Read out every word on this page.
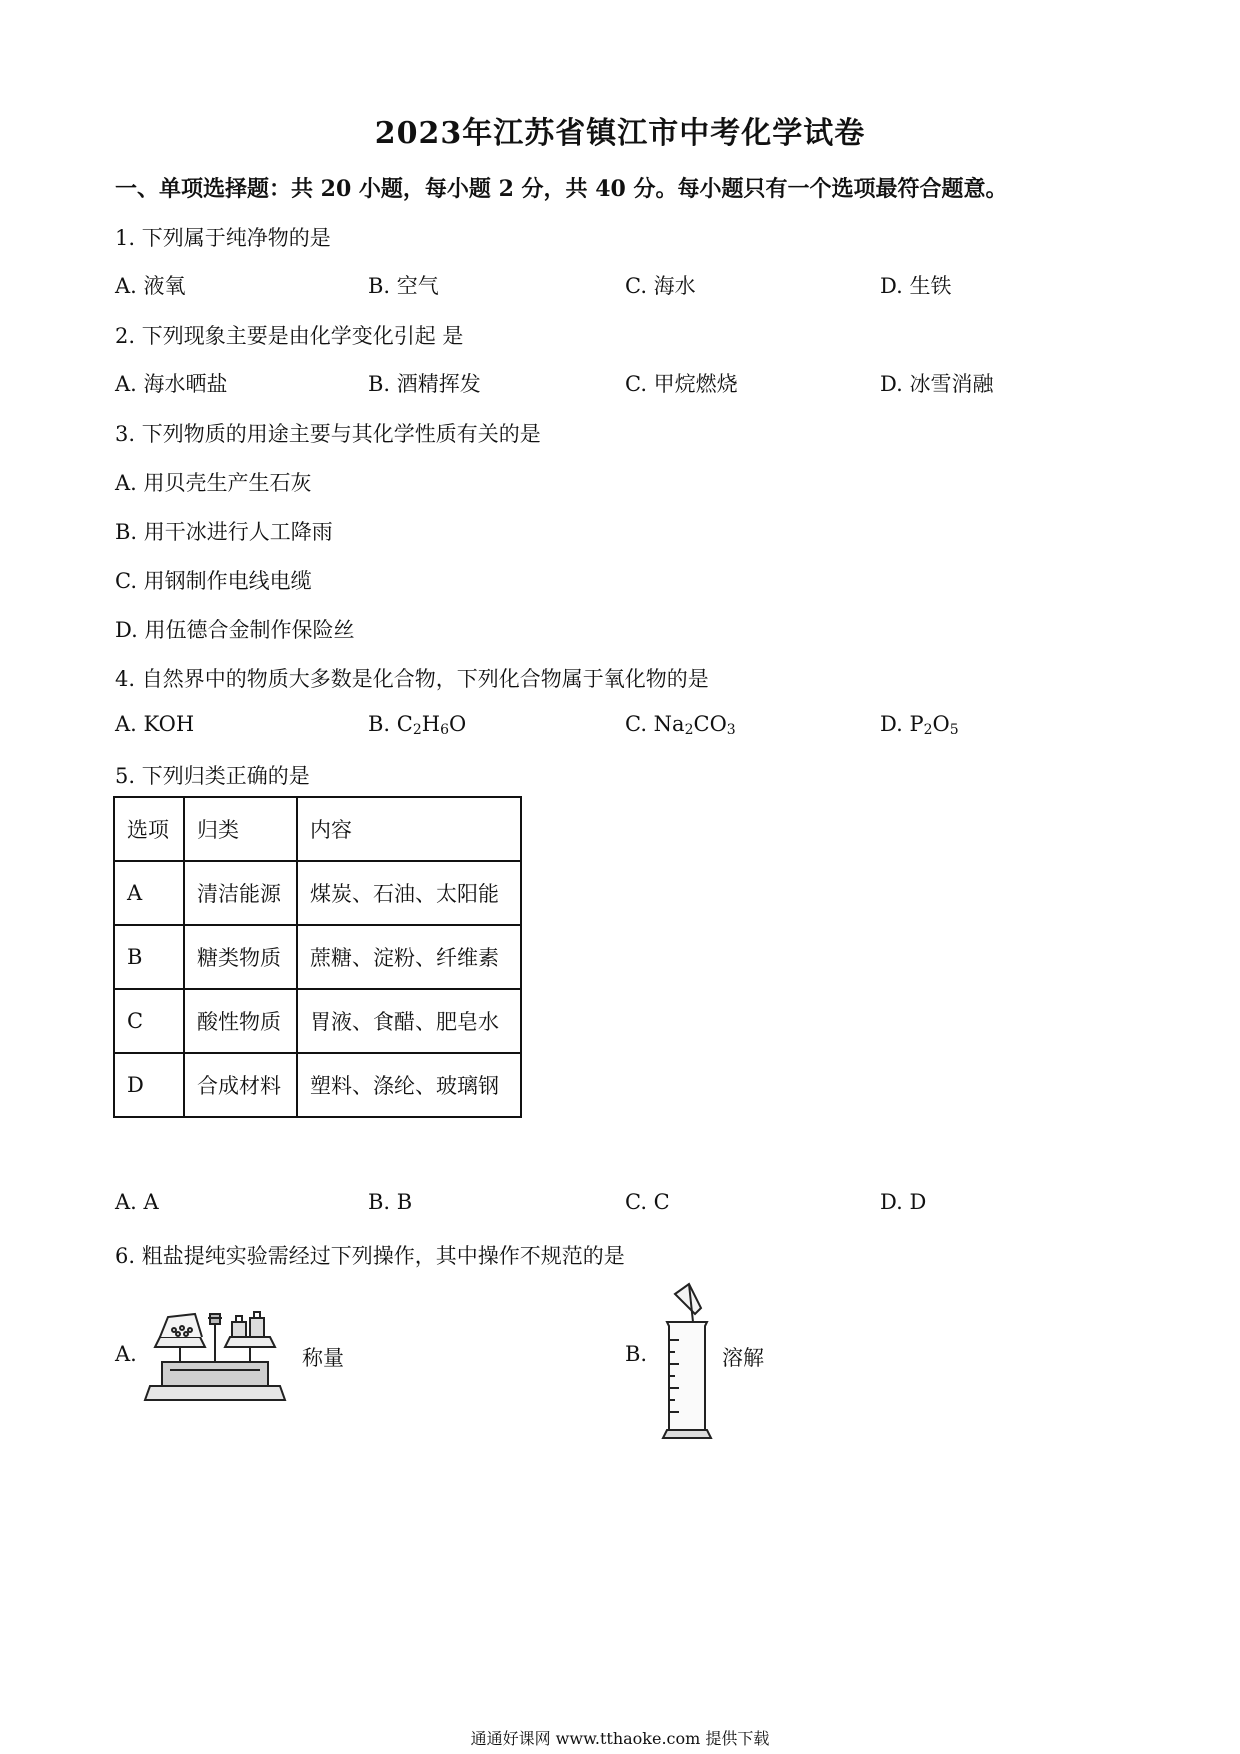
2023年江苏省镇江市中考化学试卷
一、单项选择题：共 20 小题，每小题 2 分，共 40 分。每小题只有一个选项最符合题意。
1. 下列属于纯净物的是
A. 液氧	B. 空气	C. 海水	D. 生铁
2. 下列现象主要是由化学变化引起 是
A. 海水晒盐	B. 酒精挥发	C. 甲烷燃烧	D. 冰雪消融
3. 下列物质的用途主要与其化学性质有关的是
A. 用贝壳生产生石灰
B. 用干冰进行人工降雨
C. 用钢制作电线电缆
D. 用伍德合金制作保险丝
4. 自然界中的物质大多数是化合物，下列化合物属于氧化物的是
A. KOH	B. $C_2H_6O$	C. $Na_2CO_3$	D. $P_2O_5$
5. 下列归类正确的是
选项	归类	内容
A	清洁能源	煤炭、石油、太阳能
B	糖类物质	蔗糖、淀粉、纤维素
C	酸性物质	胃液、食醋、肥皂水
D	合成材料	塑料、涤纶、玻璃钢
A. A	B. B	C. C	D. D
6. 粗盐提纯实验需经过下列操作，其中操作不规范的是
A.	称量	B.	溶解
通通好课网 www.tthaoke.com 提供下载
